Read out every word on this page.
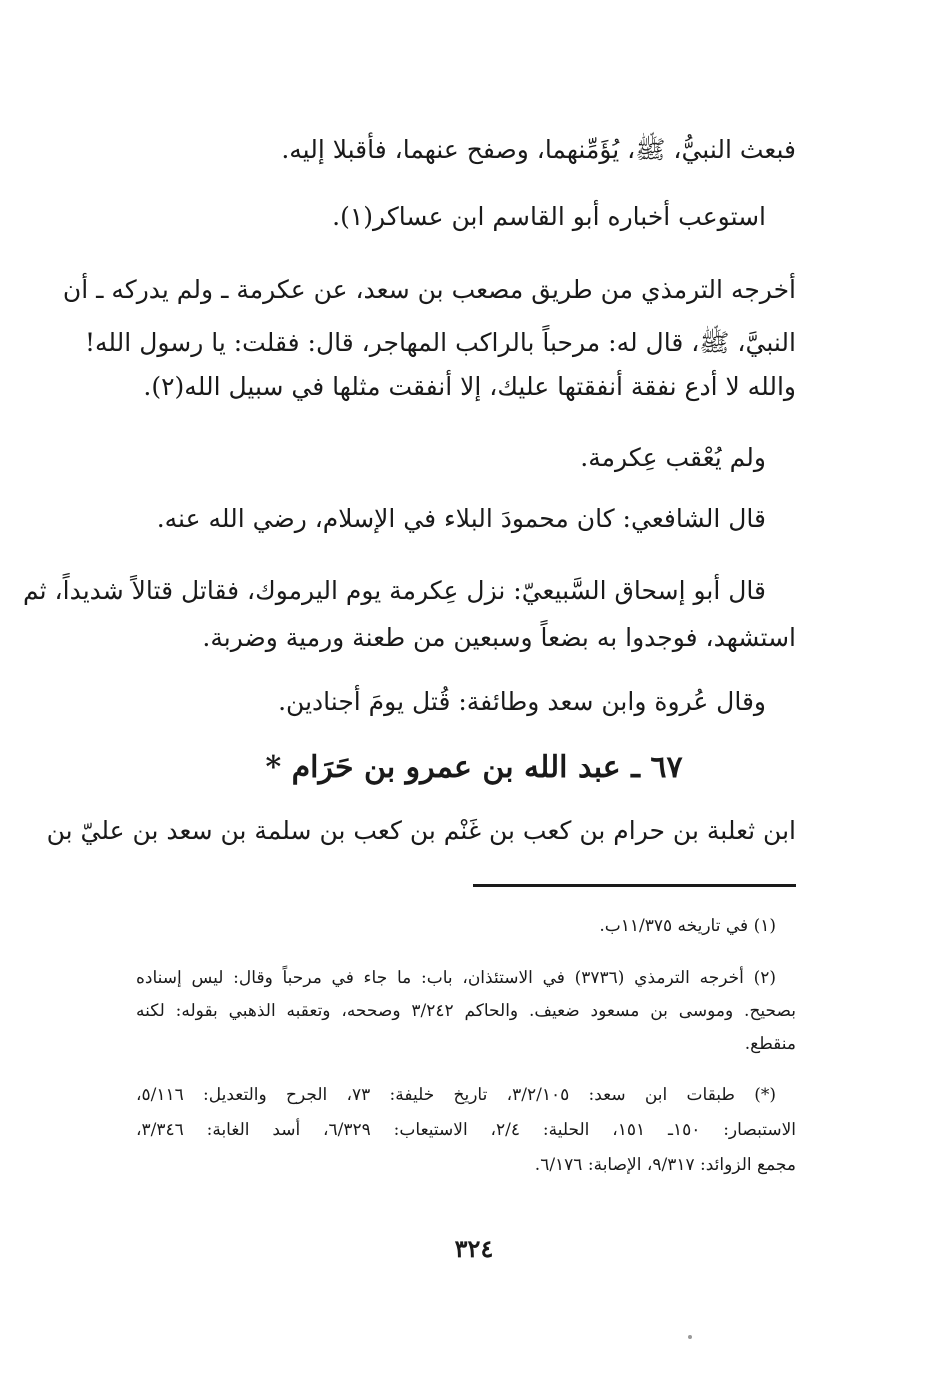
فبعث النبيُّ، ﷺ، يُؤَمِّنهما، وصفح عنهما، فأقبلا إليه.
استوعب أخباره أبو القاسم ابن عساكر(١).
أخرجه الترمذي من طريق مصعب بن سعد، عن عكرمة ـ ولم يدركه ـ أن
النبيَّ، ﷺ، قال له: مرحباً بالراكب المهاجر، قال: فقلت: يا رسول الله!
والله لا أدع نفقة أنفقتها عليك، إلا أنفقت مثلها في سبيل الله(٢).
ولم يُعْقب عِكرمة.
قال الشافعي: كان محمودَ البلاء في الإسلام، رضي الله عنه.
قال أبو إسحاق السَّبيعيّ: نزل عِكرمة يوم اليرموك، فقاتل قتالاً شديداً، ثم
استشهد، فوجدوا به بضعاً وسبعين من طعنة ورمية وضربة.
وقال عُروة وابن سعد وطائفة: قُتل يومَ أجنادين.
٦٧ ـ عبد الله بن عمرو بن حَرَام *
ابن ثعلبة بن حرام بن كعب بن غَنْم بن كعب بن سلمة بن سعد بن عليّ بن
(١) في تاريخه ١١/٣٧٥ب.
(٢) أخرجه الترمذي (٣٧٣٦) في الاستئذان، باب: ما جاء في مرحباً وقال: ليس إسناده
بصحيح. وموسى بن مسعود ضعيف. والحاكم ٣/٢٤٢ وصححه، وتعقبه الذهبي بقوله: لكنه
منقطع.
(*) طبقات ابن سعد: ٣/٢/١٠٥، تاريخ خليفة: ٧٣، الجرح والتعديل: ٥/١١٦،
الاستبصار: ١٥٠ـ ١٥١، الحلية: ٢/٤، الاستيعاب: ٦/٣٢٩، أسد الغابة: ٣/٣٤٦،
مجمع الزوائد: ٩/٣١٧، الإصابة: ٦/١٧٦.
٣٢٤
